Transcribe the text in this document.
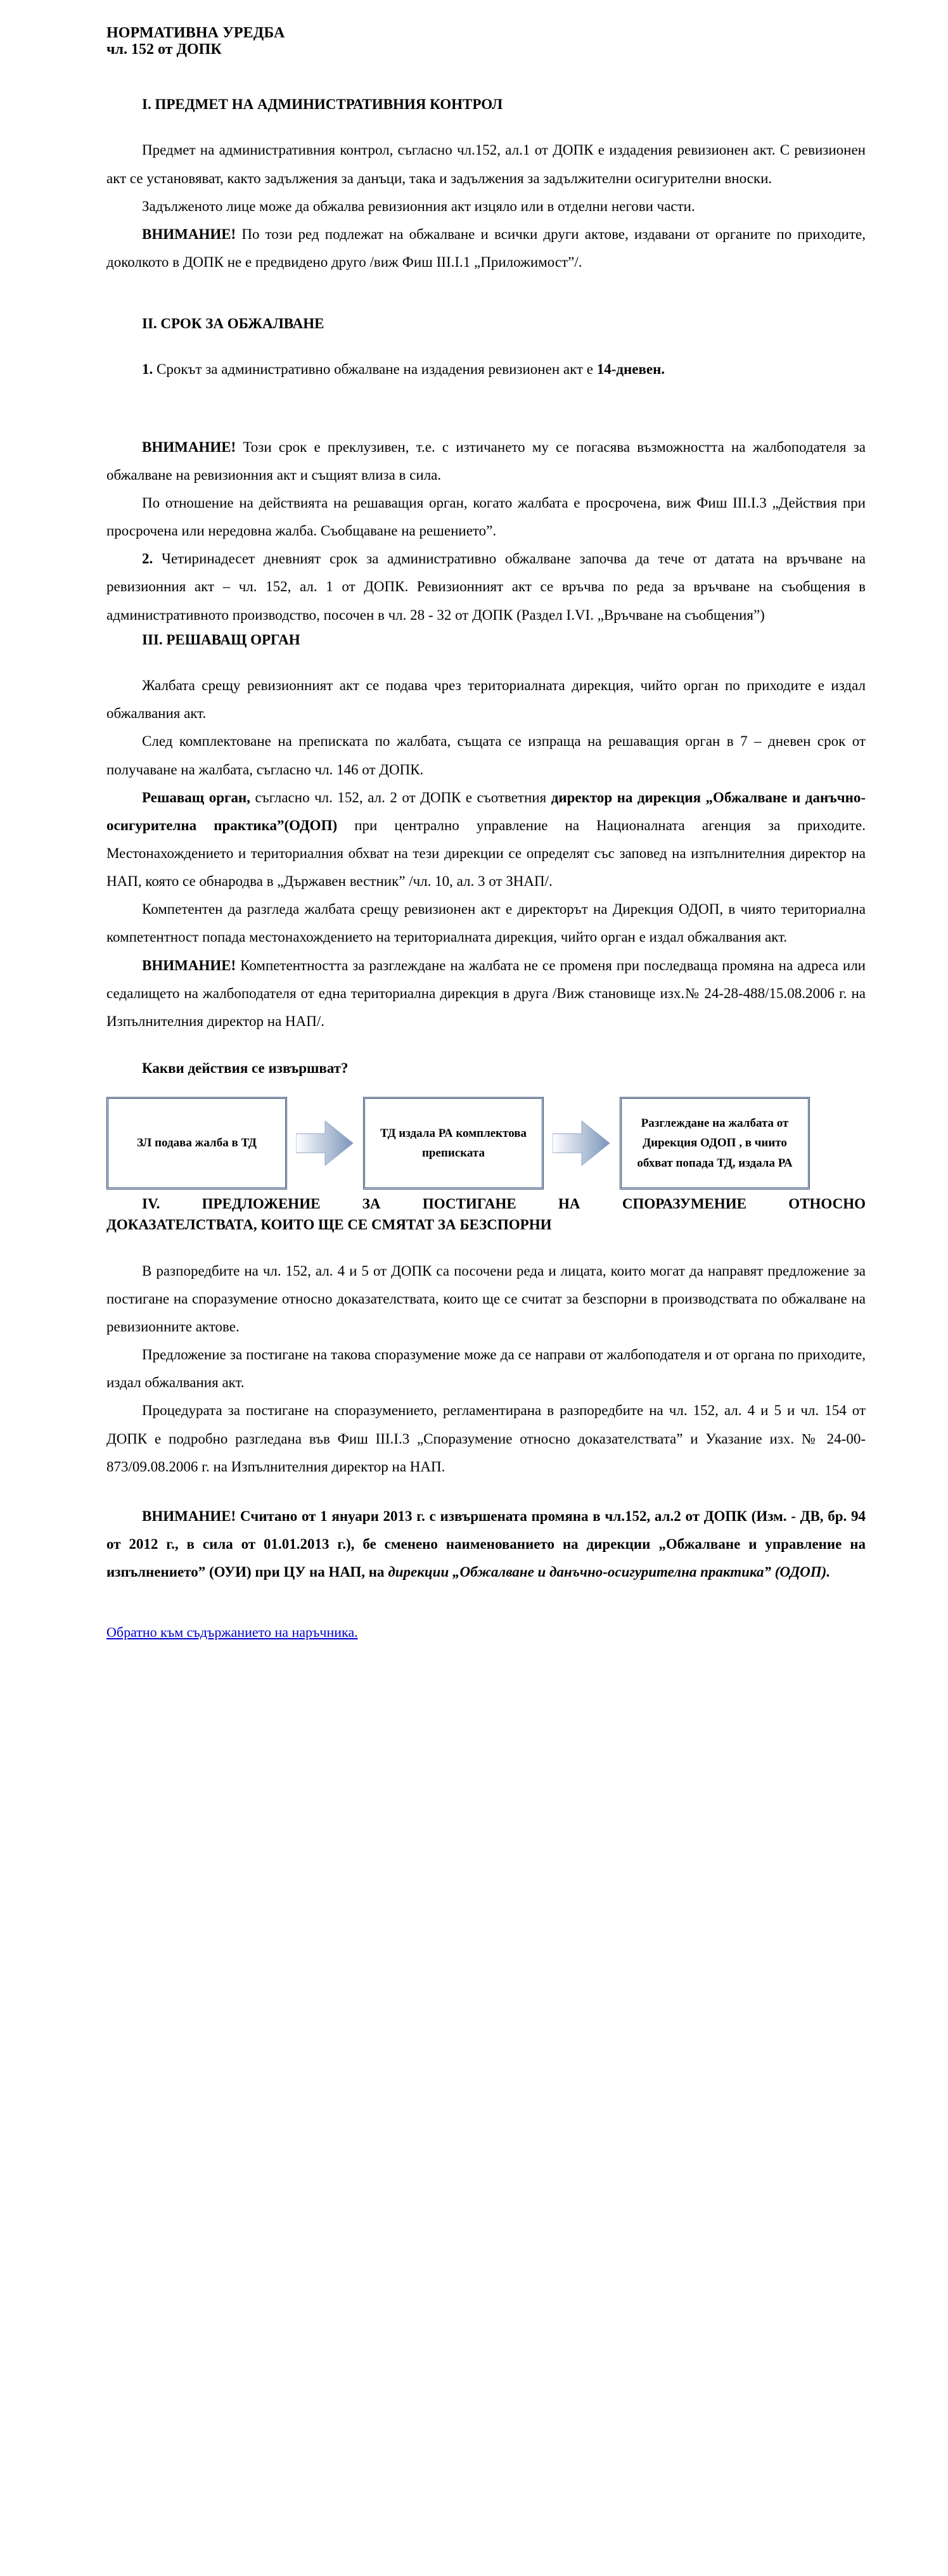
НОРМАТИВНА УРЕДБА
чл. 152 от ДОПК
I. ПРЕДМЕТ НА АДМИНИСТРАТИВНИЯ КОНТРОЛ

Предмет на административния контрол, съгласно чл.152, ал.1 от ДОПК е издадения ревизионен акт. С ревизионен акт се установяват, както задължения за данъци, така и задължения за задължителни осигурителни вноски.

Задълженото лице може да обжалва ревизионния акт изцяло или в отделни негови части.

ВНИМАНИЕ! По този ред подлежат на обжалване и всички други актове, издавани от органите по приходите, доколкото в ДОПК не е предвидено друго /виж Фиш III.I.1 „Приложимост”/.

II. СРОК ЗА ОБЖАЛВАНЕ

1. Срокът за административно обжалване на издадения ревизионен акт е 14-дневен.

ВНИМАНИЕ! Този срок е преклузивен, т.е. с изтичането му се погасява възможността на жалбоподателя за обжалване на ревизионния акт и същият влиза в сила.

По отношение на действията на решаващия орган, когато жалбата е просрочена, виж Фиш III.I.3 „Действия при просрочена или нередовна жалба. Съобщаване на решението”.

2. Четиринадесет дневният срок за административно обжалване започва да тече от датата на връчване на ревизионния акт – чл. 152, ал. 1 от ДОПК. Ревизионният акт се връчва по реда за връчване на съобщения в административното производство, посочен в чл. 28 - 32 от ДОПК (Раздел I.VI. „Връчване на съобщения”)

III. РЕШАВАЩ ОРГАН

Жалбата срещу ревизионният акт се подава чрез териториалната дирекция, чийто орган по приходите е издал обжалвания акт.

След комплектоване на преписката по жалбата, същата се изпраща на решаващия орган в 7 – дневен срок от получаване на жалбата, съгласно чл. 146 от ДОПК.

Решаващ орган, съгласно чл. 152, ал. 2 от ДОПК е съответния директор на дирекция „Обжалване и данъчно-осигурителна практика”(ОДОП) при централно управление на Националната агенция за приходите. Местонахождението и териториалния обхват на тези дирекции се определят със заповед на изпълнителния директор на НАП, която се обнародва в „Държавен вестник” /чл. 10, ал. 3 от ЗНАП/.

Компетентен да разгледа жалбата срещу ревизионен акт е директорът на Дирекция ОДОП, в чиято териториална компетентност попада местонахождението на териториалната дирекция, чийто орган е издал обжалвания акт.

ВНИМАНИЕ! Компетентността за разглеждане на жалбата не се променя при последваща промяна на адреса или седалището на жалбоподателя от една териториална дирекция в друга /Виж становище изх.№ 24-28-488/15.08.2006 г. на Изпълнителния директор на НАП/.

Какви действия се извършват?

ЗЛ подава жалба в ТД
ТД издала РА комплектова преписката
Разглеждане на жалбата от Дирекция ОДОП , в чиито обхват попада ТД, издала РА
IV. ПРЕДЛОЖЕНИЕ ЗА ПОСТИГАНЕ НА СПОРАЗУМЕНИЕ ОТНОСНО
ДОКАЗАТЕЛСТВАТА, КОИТО ЩЕ СЕ СМЯТАТ ЗА БЕЗСПОРНИ

В разпоредбите на чл. 152, ал. 4 и 5 от ДОПК са посочени реда и лицата, които могат да направят предложение за постигане на споразумение относно доказателствата, които ще се считат за безспорни в производствата по обжалване на ревизионните актове.

Предложение за постигане на такова споразумение може да се направи от жалбоподателя и от органа по приходите, издал обжалвания акт.

Процедурата за постигане на споразумението, регламентирана в разпоредбите на чл. 152, ал. 4 и 5 и чл. 154 от ДОПК е подробно разгледана във Фиш III.I.3 „Споразумение относно доказателствата” и Указание изх. № 24-00-873/09.08.2006 г. на Изпълнителния директор на НАП.

ВНИМАНИЕ! Считано от 1 януари 2013 г. с извършената промяна в чл.152, ал.2 от ДОПК (Изм. - ДВ, бр. 94 от 2012 г., в сила от 01.01.2013 г.), бе сменено наименованието на дирекции „Обжалване и управление на изпълнението” (ОУИ) при ЦУ на НАП, на дирекции „Обжалване и данъчно-осигурителна практика” (ОДОП).

Обратно към съдържанието на наръчника.
